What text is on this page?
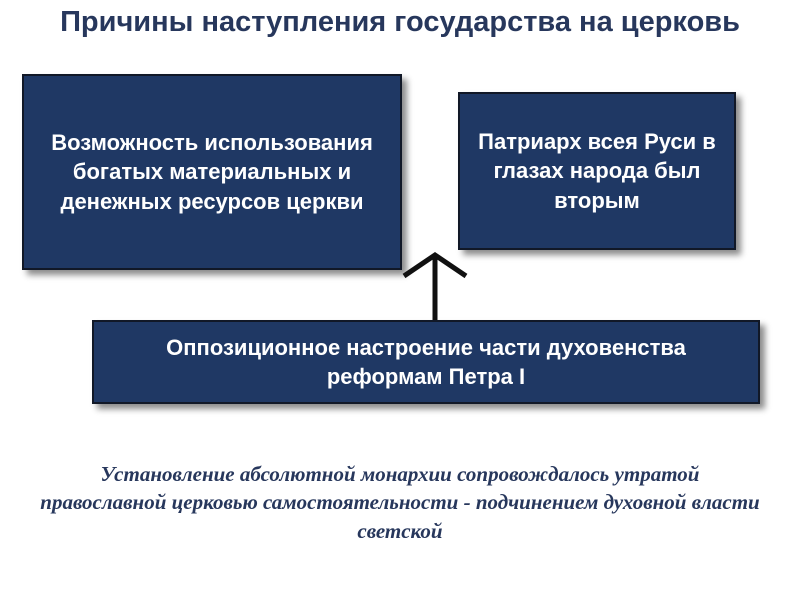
Причины наступления государства на церковь
Возможность использования богатых материальных и денежных ресурсов церкви
Патриарх всея Руси в глазах народа был вторым
Оппозиционное настроение части духовенства реформам Петра I
Установление абсолютной монархии сопровождалось утратой православной церковью самостоятельности - подчинением духовной власти светской
